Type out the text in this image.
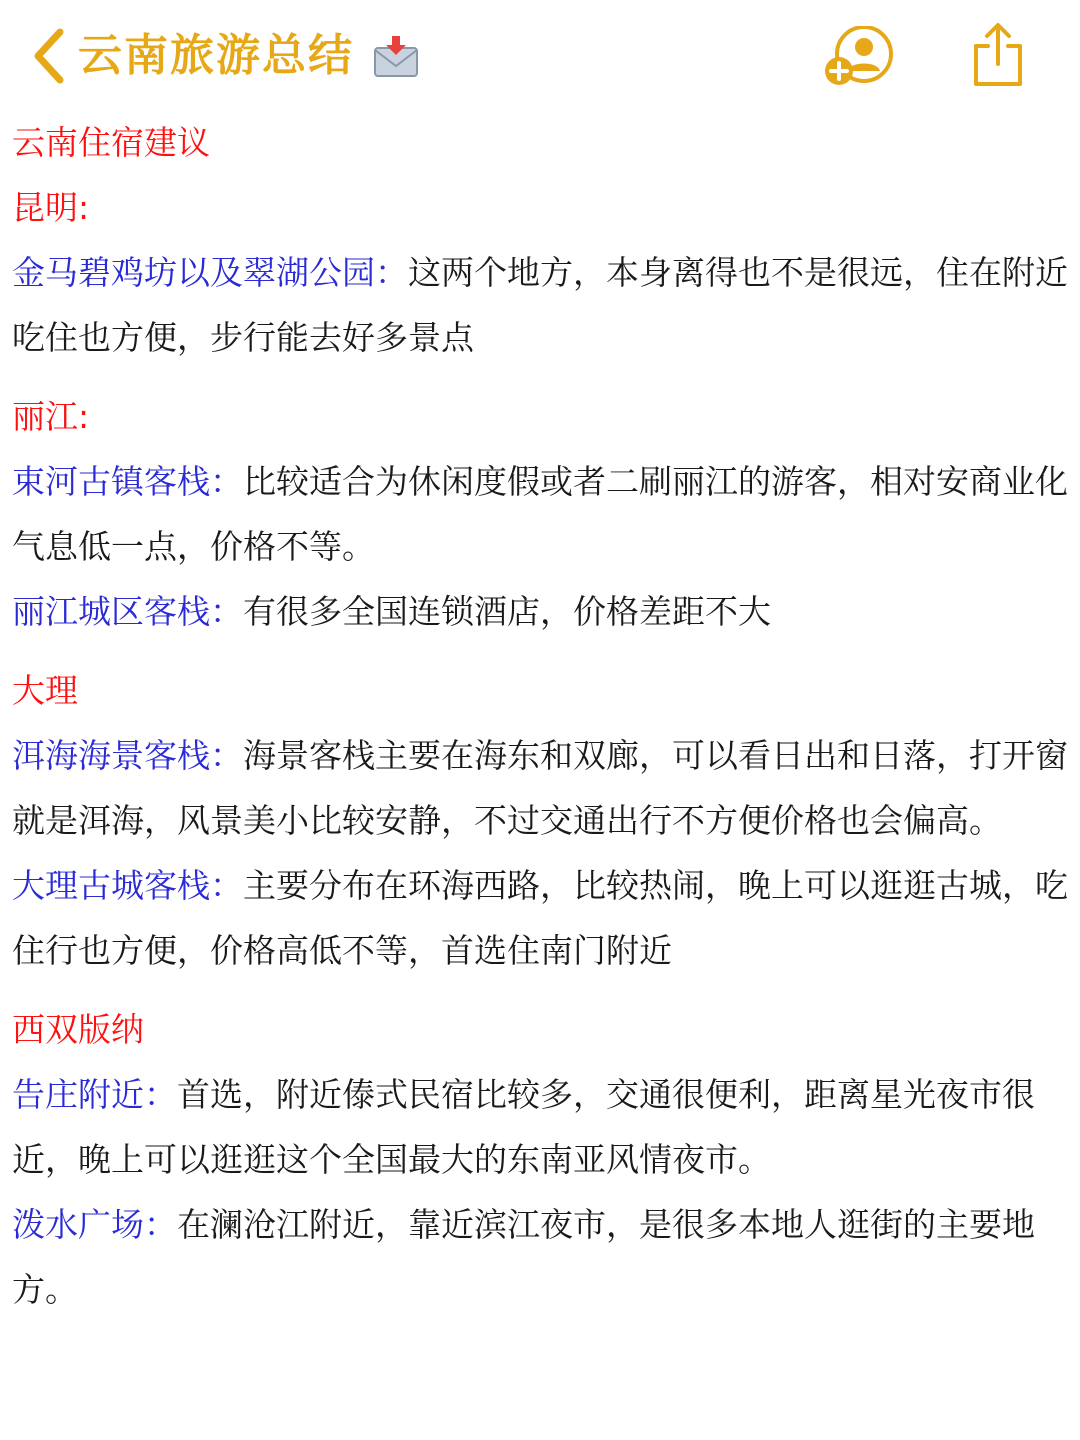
云南旅游总结
云南住宿建议
昆明:
金马碧鸡坊以及翠湖公园：这两个地方，本身离得也不是很远，住在附近吃住也方便，步行能去好多景点
丽江:
束河古镇客栈：比较适合为休闲度假或者二刷丽江的游客，相对安商业化气息低一点，价格不等。
丽江城区客栈：有很多全国连锁酒店，价格差距不大
大理
洱海海景客栈：海景客栈主要在海东和双廊，可以看日出和日落，打开窗就是洱海，风景美小比较安静，不过交通出行不方便价格也会偏高。
大理古城客栈：主要分布在环海西路，比较热闹，晚上可以逛逛古城，吃住行也方便，价格高低不等，首选住南门附近
西双版纳
告庄附近：首选，附近傣式民宿比较多，交通很便利，距离星光夜市很近，晚上可以逛逛这个全国最大的东南亚风情夜市。
泼水广场：在澜沧江附近，靠近滨江夜市，是很多本地人逛街的主要地方。
